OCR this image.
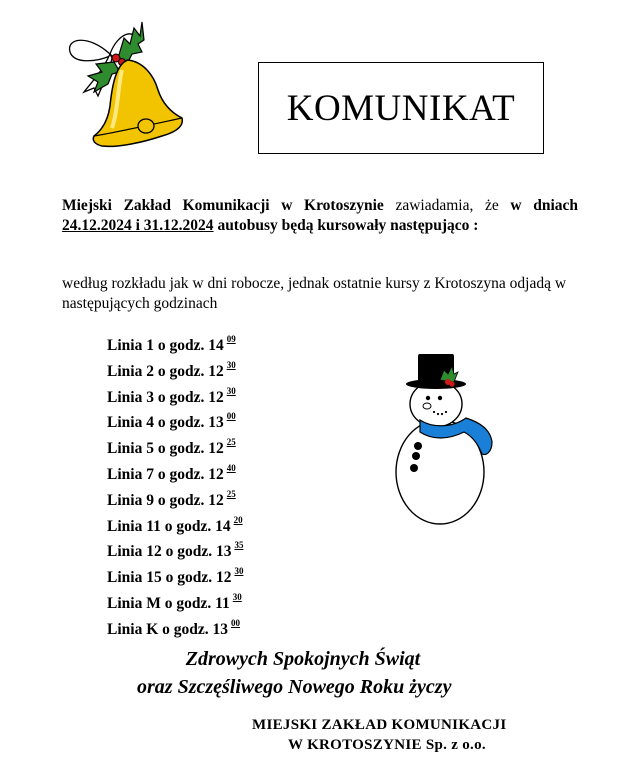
KOMUNIKAT
Miejski Zakład Komunikacji w Krotoszynie zawiadamia, że w dniach 24.12.2024 i 31.12.2024 autobusy będą kursowały następująco :
według rozkładu jak w dni robocze, jednak ostatnie kursy z Krotoszyna odjadą w następujących godzinach
Linia 1 o godz. 14 $^{09}$
Linia 2 o godz. 12 $^{30}$
Linia 3 o godz. 12 $^{30}$
Linia 4 o godz. 13 $^{00}$
Linia 5 o godz. 12 $^{25}$
Linia 7 o godz. 12 $^{40}$
Linia 9 o godz. 12 $^{25}$
Linia 11 o godz. 14 $^{20}$
Linia 12 o godz. 13 $^{35}$
Linia 15 o godz. 12 $^{30}$
Linia M o godz. 11 $^{30}$
Linia K o godz. 13 $^{00}$
Zdrowych Spokojnych Świąt
oraz Szczęśliwego Nowego Roku życzy
MIEJSKI ZAKŁAD KOMUNIKACJI
W KROTOSZYNIE Sp. z o.o.
